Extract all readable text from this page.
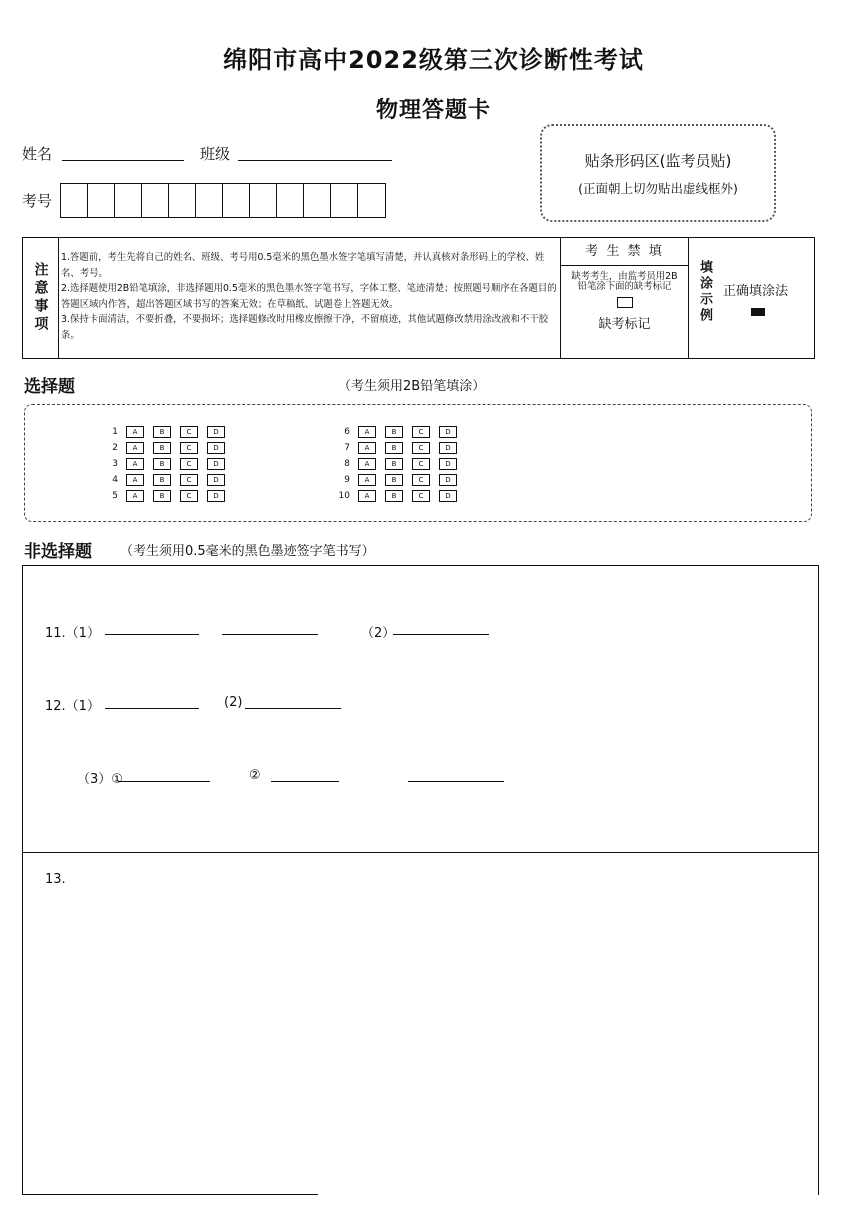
绵阳市高中2022级第三次诊断性考试
物理答题卡
姓名	班级
考号
贴条形码区(监考员贴)
(正面朝上切勿贴出虚线框外)
注意事项
1.答题前，考生先将自己的姓名、班级、考号用0.5毫米的黑色墨水签字笔填写清楚，并认真核对条形码上的学校、姓名、考号。
2.选择题使用2B铅笔填涂，非选择题用0.5毫米的黑色墨水签字笔书写，字体工整、笔迹清楚；按照题号顺序在各题目的答题区域内作答，超出答题区域书写的答案无效；在草稿纸、试题卷上答题无效。
3.保持卡面清洁，不要折叠，不要损坏；选择题修改时用橡皮擦擦干净，不留痕迹，其他试题修改禁用涂改液和不干胶条。
考 生 禁 填
缺考考生，由监考员用2B铅笔涂下面的缺考标记
缺考标记
填涂示例 正确填涂法
选择题	（考生须用2B铅笔填涂）
1	A	B	C	D
2	A	B	C	D
3	A	B	C	D
4	A	B	C	D
5	A	B	C	D
6	A	B	C	D
7	A	B	C	D
8	A	B	C	D
9	A	B	C	D
10	A	B	C	D
非选择题 （考生须用0.5毫米的黑色墨迹签字笔书写）
11.（1）	（2）
12.（1）	(2)
（3）①	②
13.
